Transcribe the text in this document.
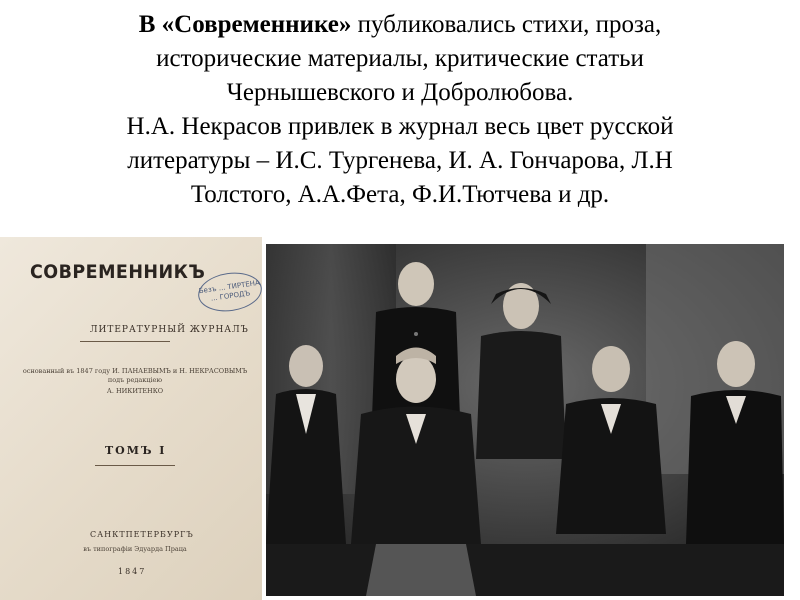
В «Современнике» публиковались стихи, проза,

исторические материалы, критические статьи

Чернышевского и Добролюбова.

Н.А. Некрасов привлек в журнал весь цвет русской

литературы – И.С. Тургенева, И. А. Гончарова, Л.Н

Толстого, А.А.Фета, Ф.И.Тютчева и др.

СОВРЕМЕННИКЪ
Безъ ... ТИРТЕНА ... ГОРОДЪ
ЛИТЕРАТУРНЫЙ ЖУРНАЛЪ
основанный въ 1847 году И. ПАНАЕВЫМЪ и Н. НЕКРАСОВЫМЪ подъ редакцiею
А. НИКИТЕНКО
ТОМЪ I
САНКТПЕТЕРБУРГЪ
въ типографiи Эдуарда Праца
1847
